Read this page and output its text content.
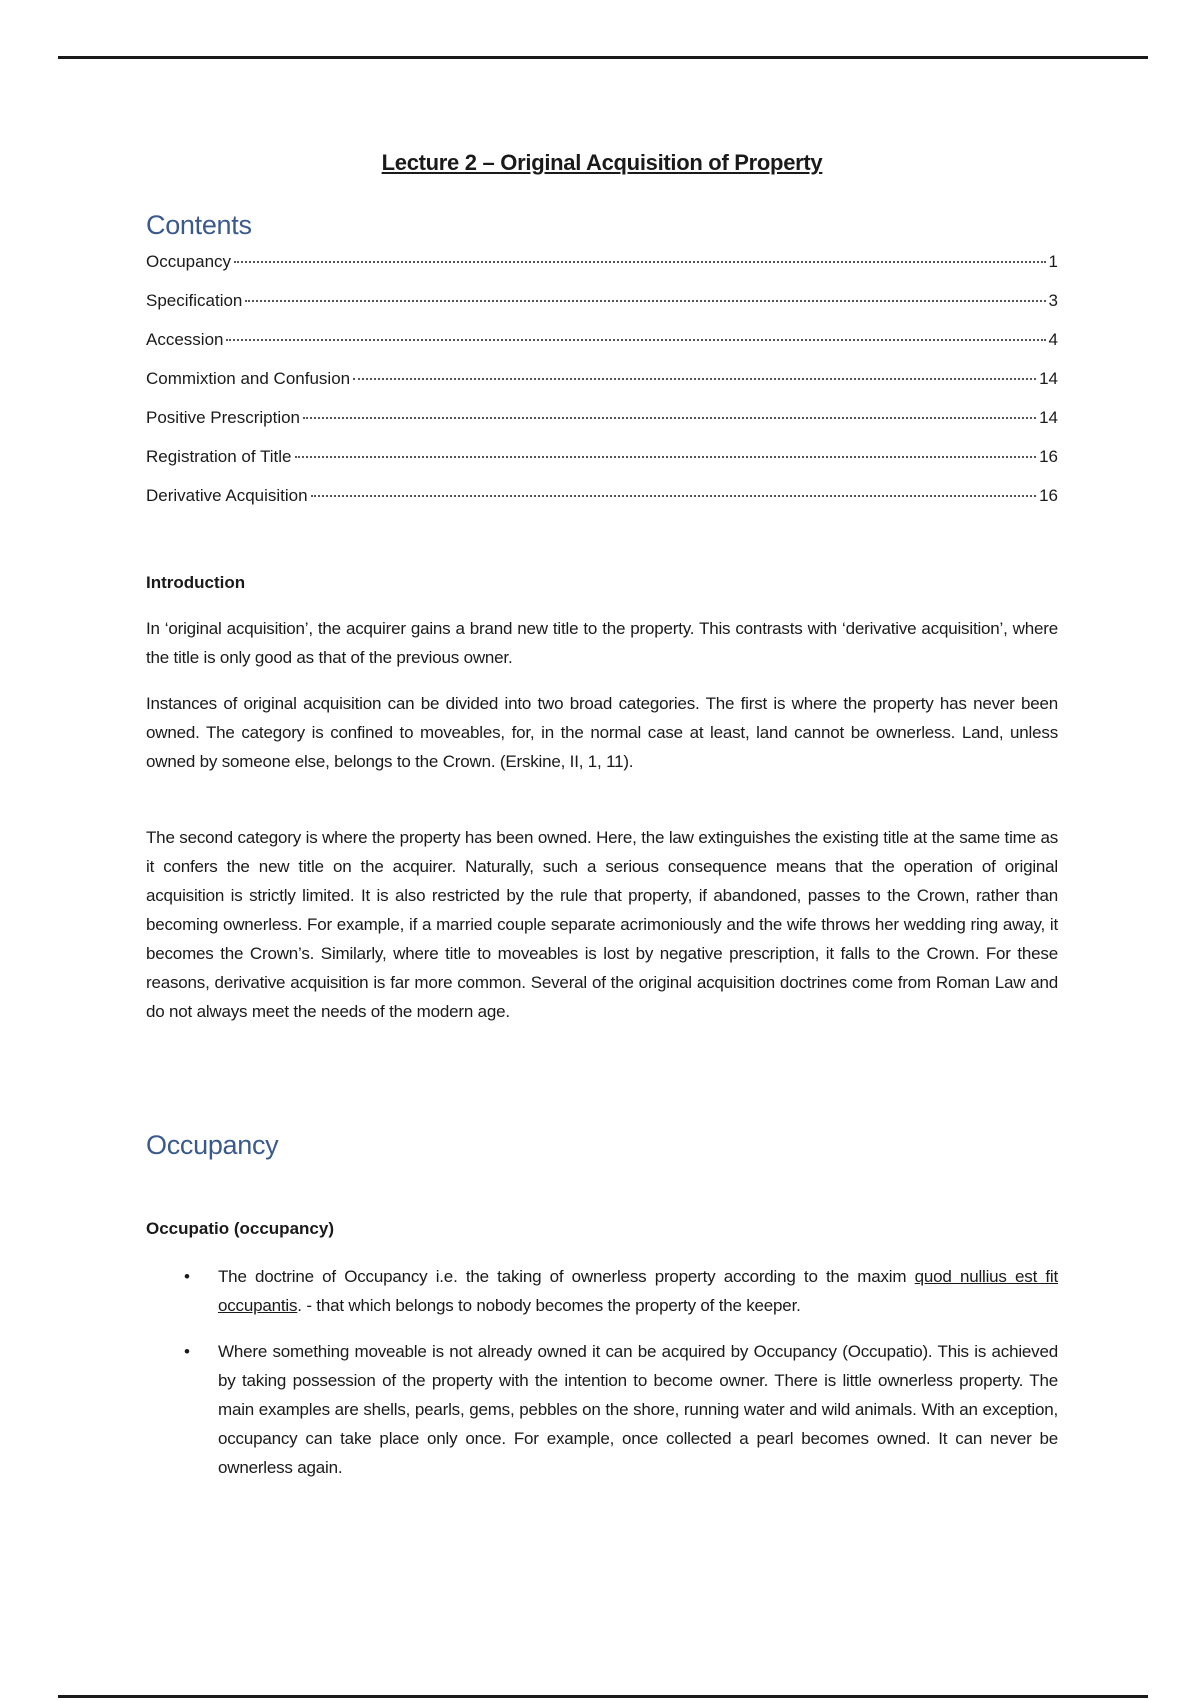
Lecture 2 – Original Acquisition of Property
Contents
Occupancy	1
Specification	3
Accession	4
Commixtion and Confusion	14
Positive Prescription	14
Registration of Title	16
Derivative Acquisition	16
Introduction

In ‘original acquisition’, the acquirer gains a brand new title to the property. This contrasts with ‘derivative acquisition’, where the title is only good as that of the previous owner.

Instances of original acquisition can be divided into two broad categories. The first is where the property has never been owned. The category is confined to moveables, for, in the normal case at least, land cannot be ownerless. Land, unless owned by someone else, belongs to the Crown. (Erskine, II, 1, 11).

The second category is where the property has been owned. Here, the law extinguishes the existing title at the same time as it confers the new title on the acquirer. Naturally, such a serious consequence means that the operation of original acquisition is strictly limited. It is also restricted by the rule that property, if abandoned, passes to the Crown, rather than becoming ownerless. For example, if a married couple separate acrimoniously and the wife throws her wedding ring away, it becomes the Crown’s. Similarly, where title to moveables is lost by negative prescription, it falls to the Crown. For these reasons, derivative acquisition is far more common. Several of the original acquisition doctrines come from Roman Law and do not always meet the needs of the modern age.

Occupancy
Occupatio (occupancy)
• The doctrine of Occupancy i.e. the taking of ownerless property according to the maxim quod nullius est fit occupantis. - that which belongs to nobody becomes the property of the keeper.
• Where something moveable is not already owned it can be acquired by Occupancy (Occupatio). This is achieved by taking possession of the property with the intention to become owner. There is little ownerless property. The main examples are shells, pearls, gems, pebbles on the shore, running water and wild animals. With an exception, occupancy can take place only once. For example, once collected a pearl becomes owned. It can never be ownerless again.
